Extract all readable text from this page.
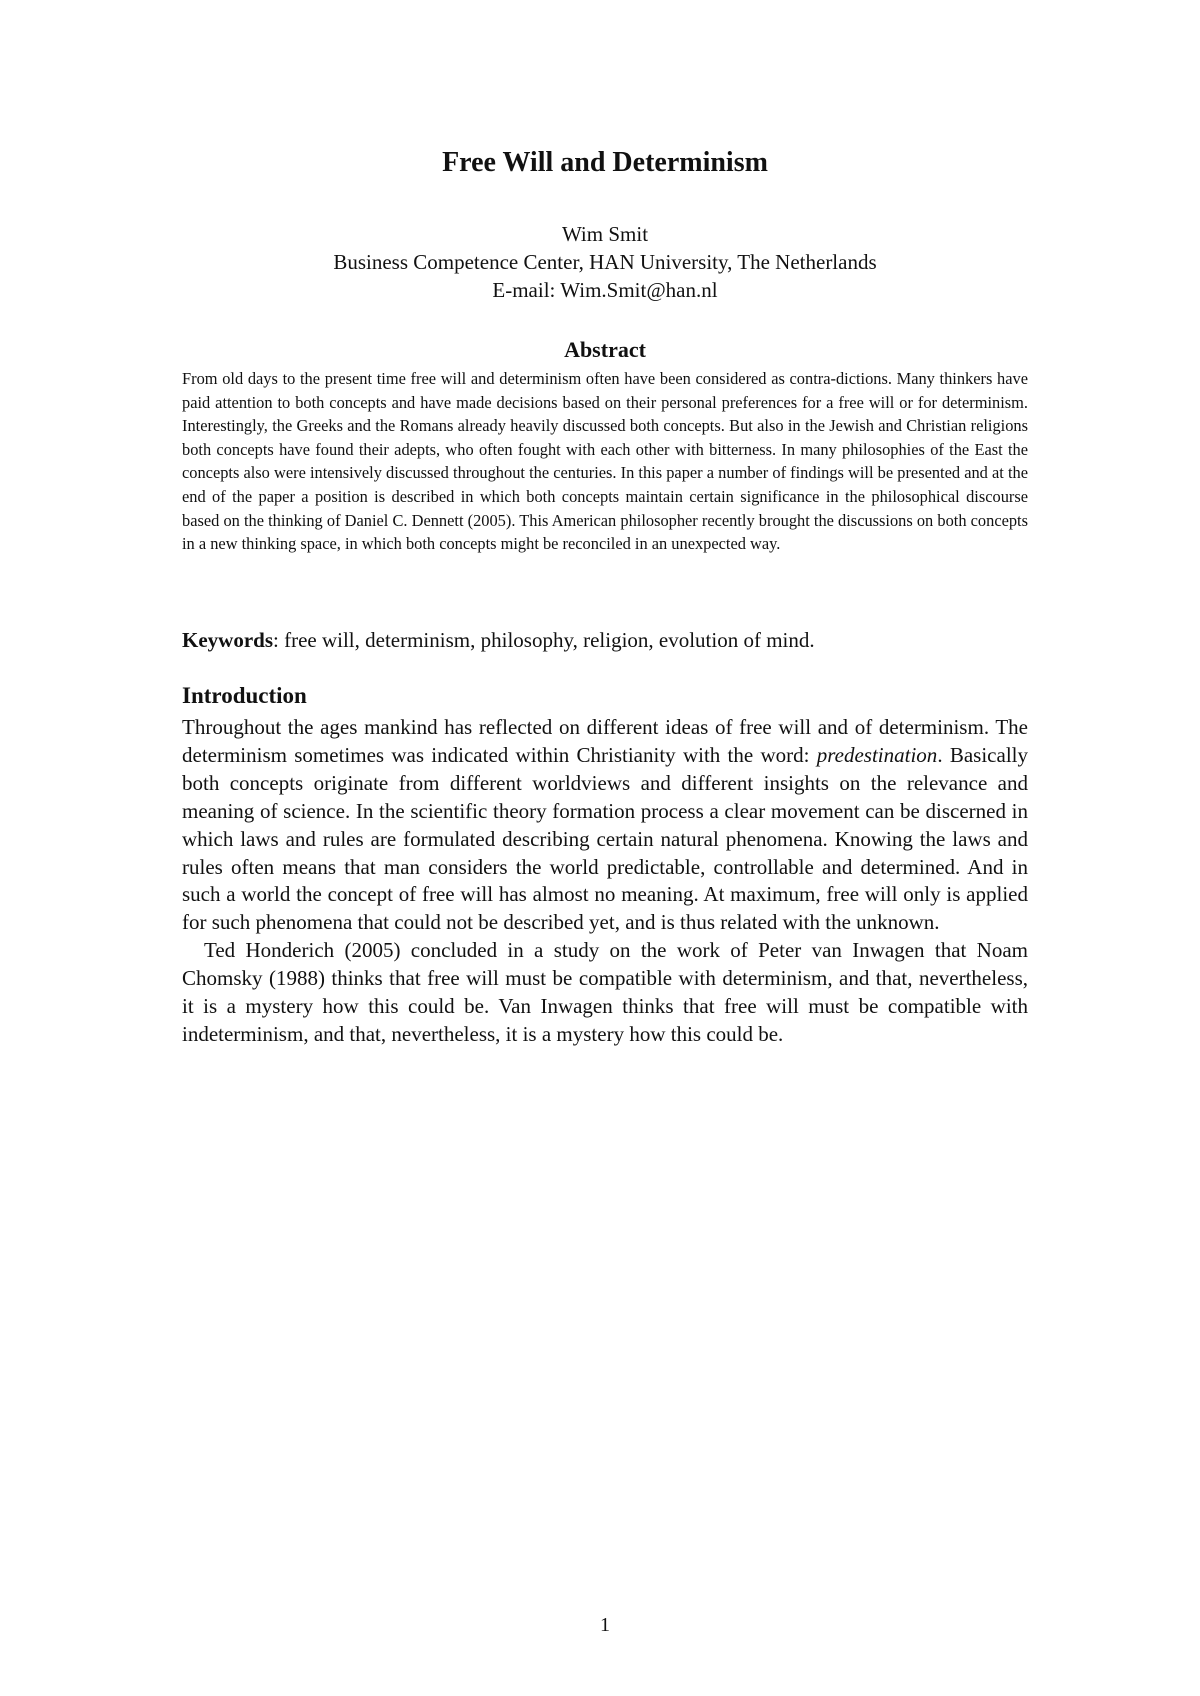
Free Will and Determinism
Wim Smit
Business Competence Center, HAN University, The Netherlands
E-mail: Wim.Smit@han.nl
Abstract

From old days to the present time free will and determinism often have been considered as contra-dictions. Many thinkers have paid attention to both concepts and have made decisions based on their personal preferences for a free will or for determinism. Interestingly, the Greeks and the Romans already heavily discussed both concepts. But also in the Jewish and Christian religions both concepts have found their adepts, who often fought with each other with bitterness. In many philosophies of the East the concepts also were intensively discussed throughout the centuries. In this paper a number of findings will be presented and at the end of the paper a position is described in which both concepts maintain certain significance in the philosophical discourse based on the thinking of Daniel C. Dennett (2005). This American philosopher recently brought the discussions on both concepts in a new thinking space, in which both concepts might be reconciled in an unexpected way.

Keywords: free will, determinism, philosophy, religion, evolution of mind.

Introduction

Throughout the ages mankind has reflected on different ideas of free will and of determinism. The determinism sometimes was indicated within Christianity with the word: predestination. Basically both concepts originate from different worldviews and different insights on the relevance and meaning of science. In the scientific theory formation process a clear movement can be discerned in which laws and rules are formulated describing certain natural phenomena. Knowing the laws and rules often means that man considers the world predictable, controllable and determined. And in such a world the concept of free will has almost no meaning. At maximum, free will only is applied for such phenomena that could not be described yet, and is thus related with the unknown.

Ted Honderich (2005) concluded in a study on the work of Peter van Inwagen that Noam Chomsky (1988) thinks that free will must be compatible with determinism, and that, nevertheless, it is a mystery how this could be. Van Inwagen thinks that free will must be compatible with indeterminism, and that, nevertheless, it is a mystery how this could be.

1
